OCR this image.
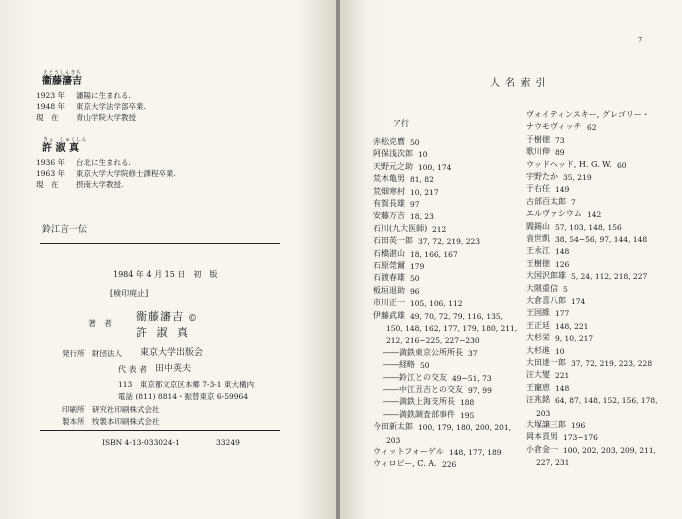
えとうしんきち
衞藤瀋吉
1923 年 瀋陽に生まれる.
1948 年 東京大学法学部卒業.
現　在 青山学院大学教授
きょ　しゅくしん
許 淑 真
1936 年 台北に生まれる.
1963 年 東京大学大学院修士課程卒業.
現　在 摂南大学教授.
鈴江言一伝
1984 年 4 月 15 日　初　版
[検印廃止]
著　者
衞藤瀋吉
許 淑 真
©
発行所 財団法人 東京大学出版会
代 表 者 田中英夫
113　東京都文京区本郷 7-3-1 東大構内
電話 (811) 8814・振替東京 6-59964
印刷所 研究社印刷株式会社
製本所 牧製本印刷株式会社
ISBN 4-13-033024-1	33249
7
人 名 索 引
ア行
赤松克麿 50
阿保浅次郎 10
天野元之助 100, 174
荒木亀男 81, 82
荒畑寒村 10, 217
有賀長雄 97
安藤万吉 18, 23
石川(九大医師) 212
石田英一郎 37, 72, 219, 223
石橋湛山 18, 166, 167
石原莞爾 179
石渡春雄 50
板垣退助 96
市川正一 105, 106, 112
伊藤武雄 49, 70, 72, 79, 116, 135,
150, 148, 162, 177, 179, 180, 211,
212, 216−225, 227−230
――満鉄東京公所所長 37
――経略 50
――鈴江との交友 49−51, 73
――中江丑吉との交友 97, 99
――満鉄上海支所長 188
――満鉄調査部事件 195
今田新太郎 100, 179, 180, 200, 201,
203
ウィットフォーゲル 148, 177, 189
ウィロビー, C. A. 226
ヴォイティンスキー, グレゴリー・
ナウモヴィッチ 62
于樹徳 73
歌川伸 89
ウッドヘッド, H. G. W. 60
宇野たか 35, 219
于右任 149
古部百太郎 7
エルヴァシウム 142
閻錫山 57, 103, 148, 156
袁世凱 38, 54−56, 97, 144, 148
王永江 148
王樹徳 126
大国沢郎雄 5, 24, 112, 218, 227
大隈重信 5
大倉喜八郎 174
王国維 177
王正廷 148, 221
大杉栄 9, 10, 217
大杉進 10
大田達一郎 37, 72, 219, 223, 228
汪大燮 221
王寵恵 148
汪兆銘 64, 87, 148, 152, 156, 178,
203
大塚譲三郎 196
岡本貢男 173−176
小倉金一 100, 202, 203, 209, 211,
227, 231
